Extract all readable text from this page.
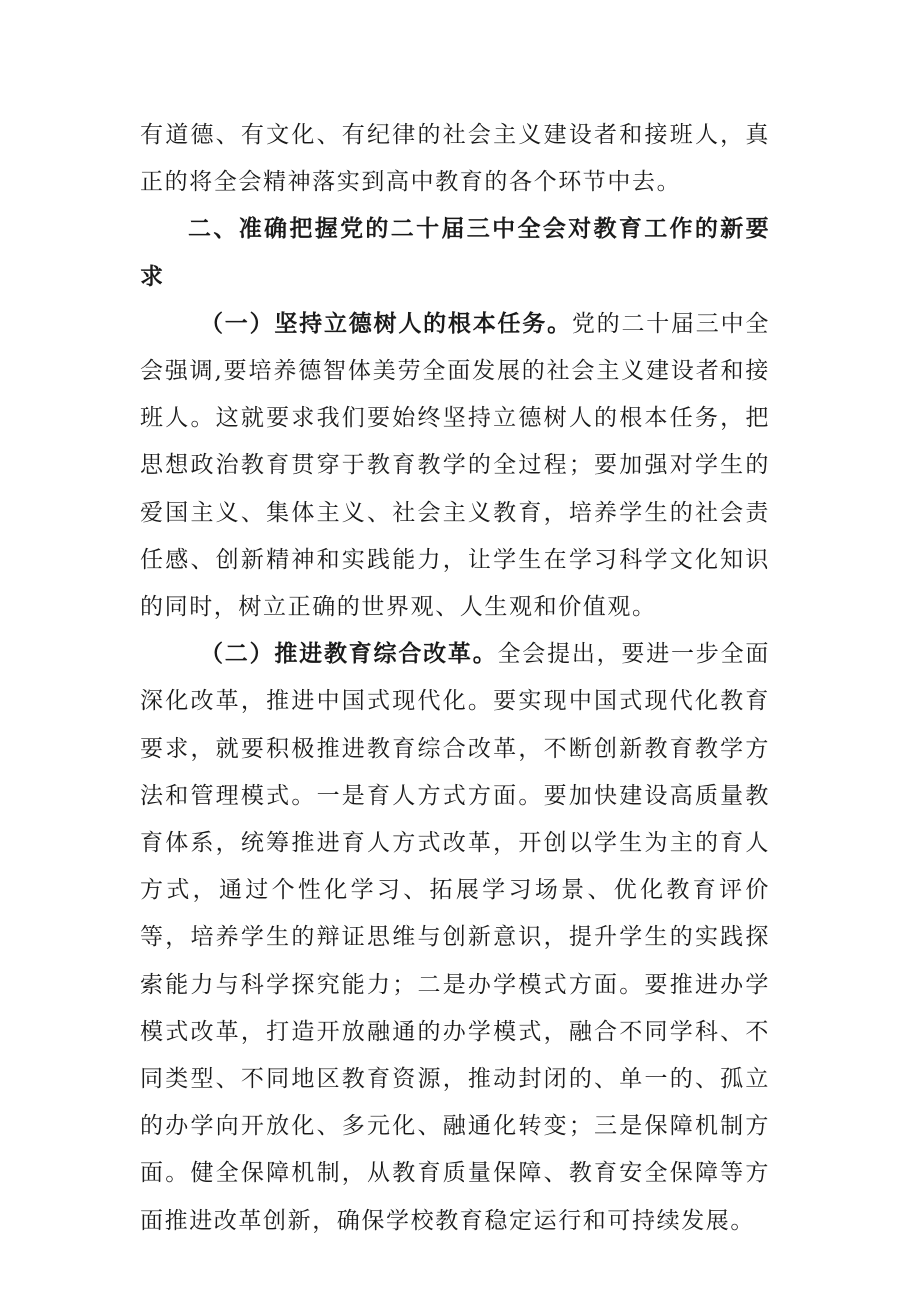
有道德、有文化、有纪律的社会主义建设者和接班人，真正的将全会精神落实到高中教育的各个环节中去。

二、准确把握党的二十届三中全会对教育工作的新要求

（一）坚持立德树人的根本任务。党的二十届三中全会强调,要培养德智体美劳全面发展的社会主义建设者和接班人。这就要求我们要始终坚持立德树人的根本任务，把思想政治教育贯穿于教育教学的全过程；要加强对学生的爱国主义、集体主义、社会主义教育，培养学生的社会责任感、创新精神和实践能力，让学生在学习科学文化知识的同时，树立正确的世界观、人生观和价值观。

（二）推进教育综合改革。全会提出，要进一步全面深化改革，推进中国式现代化。要实现中国式现代化教育要求，就要积极推进教育综合改革，不断创新教育教学方法和管理模式。一是育人方式方面。要加快建设高质量教育体系，统筹推进育人方式改革，开创以学生为主的育人方式，通过个性化学习、拓展学习场景、优化教育评价等，培养学生的辩证思维与创新意识，提升学生的实践探索能力与科学探究能力；二是办学模式方面。要推进办学模式改革，打造开放融通的办学模式，融合不同学科、不同类型、不同地区教育资源，推动封闭的、单一的、孤立的办学向开放化、多元化、融通化转变；三是保障机制方面。健全保障机制，从教育质量保障、教育安全保障等方面推进改革创新，确保学校教育稳定运行和可持续发展。
